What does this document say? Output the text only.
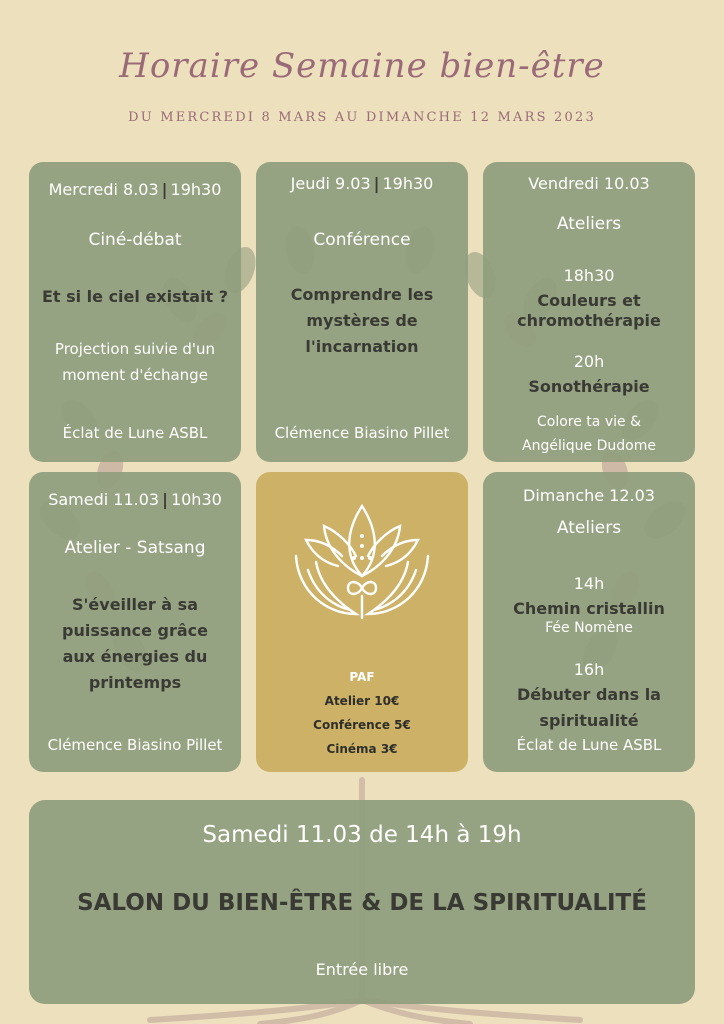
Horaire Semaine bien-être
DU MERCREDI 8 MARS AU DIMANCHE 12 MARS 2023
Mercredi 8.03 | 19h30
Ciné-débat
Et si le ciel existait ?
Projection suivie d'un
moment d'échange
Éclat de Lune ASBL
Jeudi 9.03 | 19h30
Conférence
Comprendre les
mystères de
l'incarnation
Clémence Biasino Pillet
Vendredi 10.03
Ateliers
18h30
Couleurs et
chromothérapie
20h
Sonothérapie
Colore ta vie &
Angélique Dudome
Samedi 11.03 | 10h30
Atelier - Satsang
S'éveiller à sa
puissance grâce
aux énergies du
printemps
Clémence Biasino Pillet
PAF
Atelier 10€
Conférence 5€
Cinéma 3€
Dimanche 12.03
Ateliers
14h
Chemin cristallin
Fée Nomène
16h
Débuter dans la
spiritualité
Éclat de Lune ASBL
Samedi 11.03 de 14h à 19h
SALON DU BIEN-ÊTRE & DE LA SPIRITUALITÉ
Entrée libre
